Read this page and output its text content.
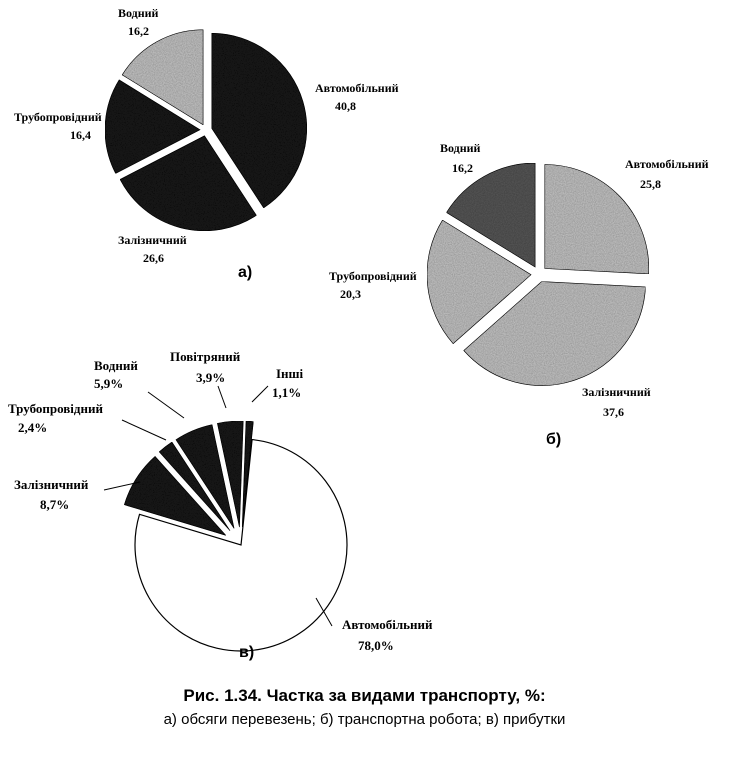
Автомобільний
40,8
Залізничний
26,6
Трубопровідний
16,4
Водний
16,2
а)
Автомобільний
25,8
Залізничний
37,6
Трубопровідний
20,3
Водний
16,2
б)
Автомобільний
78,0%
Залізничний
8,7%
Трубопровідний
2,4%
Водний
5,9%
Повітряний
3,9%	Інші
1,1%
в)
Рис. 1.34. Частка за видами транспорту, %:
а) обсяги перевезень; б) транспортна робота; в) прибутки
